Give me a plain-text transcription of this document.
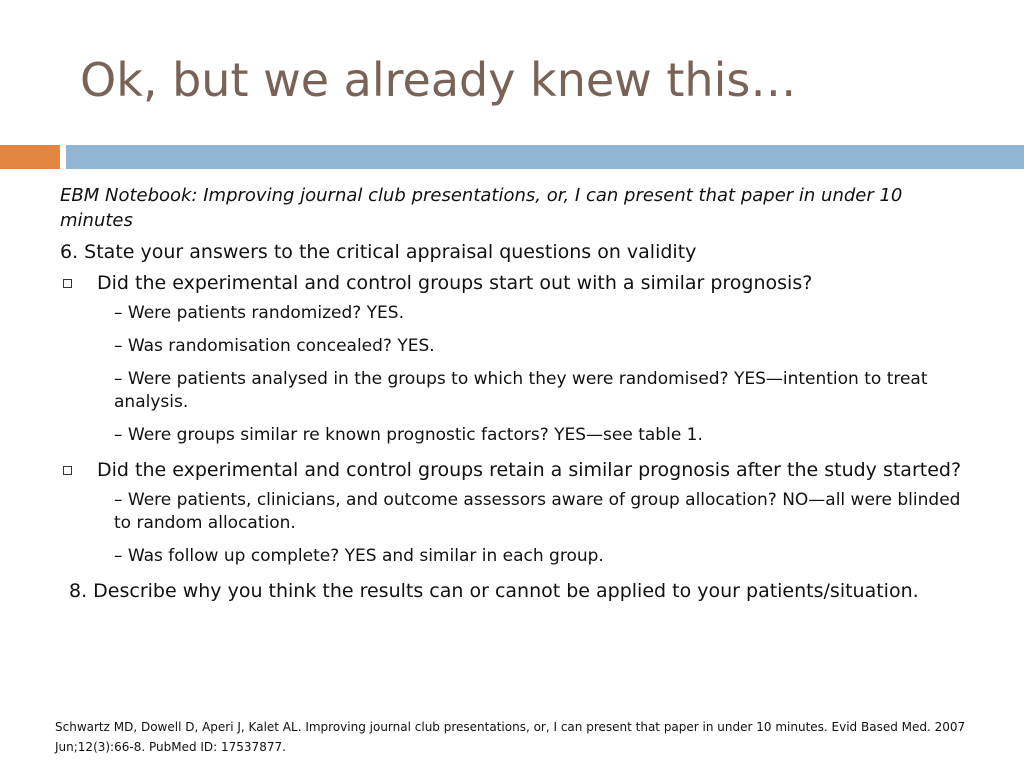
Ok, but we already knew this…

EBM Notebook: Improving journal club presentations, or, I can present that paper in under 10 minutes

6. State your answers to the critical appraisal questions on validity

Did the experimental and control groups start out with a similar prognosis?
– Were patients randomized? YES.
– Was randomisation concealed? YES.
– Were patients analysed in the groups to which they were randomised? YES—intention to treat analysis.
– Were groups similar re known prognostic factors? YES—see table 1.
Did the experimental and control groups retain a similar prognosis after the study started?
– Were patients, clinicians, and outcome assessors aware of group allocation? NO—all were blinded to random allocation.
– Was follow up complete? YES and similar in each group.

8. Describe why you think the results can or cannot be applied to your patients/situation.

Schwartz MD, Dowell D, Aperi J, Kalet AL. Improving journal club presentations, or, I can present that paper in under 10 minutes. Evid Based Med. 2007 Jun;12(3):66-8. PubMed ID: 17537877.
